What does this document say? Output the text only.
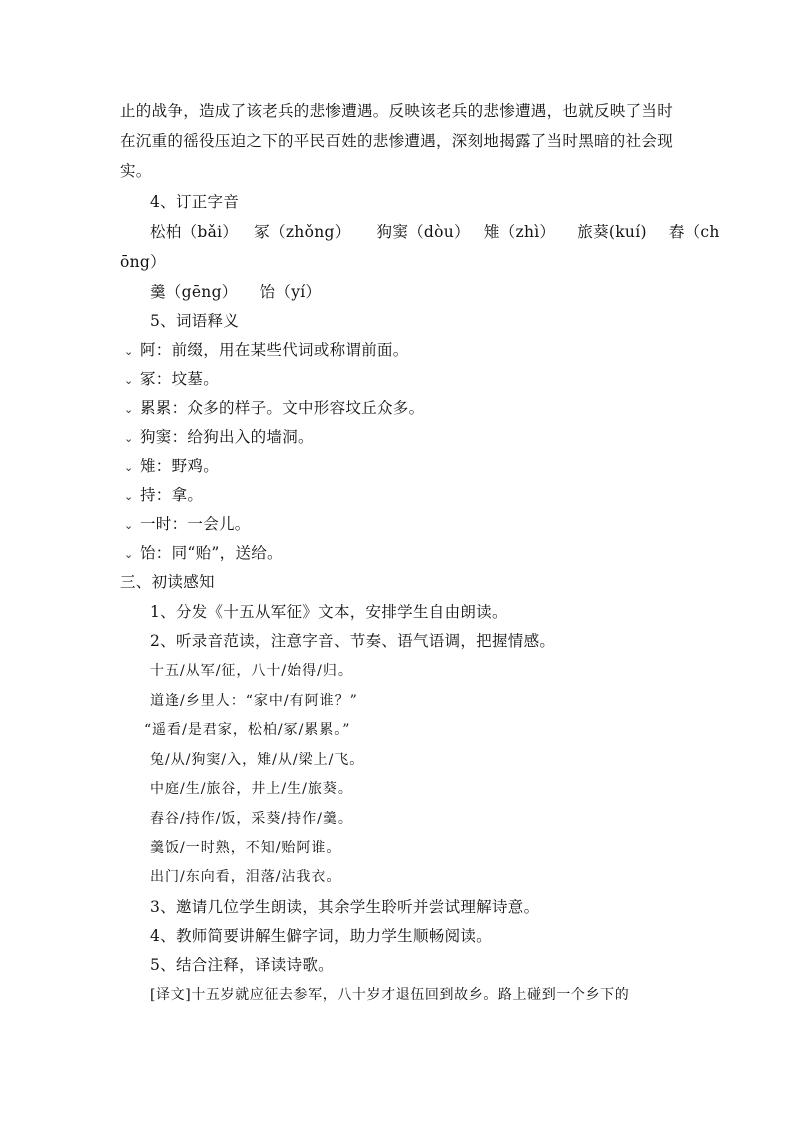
止的战争，造成了该老兵的悲惨遭遇。反映该老兵的悲惨遭遇，也就反映了当时
在沉重的徭役压迫之下的平民百姓的悲惨遭遇，深刻地揭露了当时黑暗的社会现
实。
4、订正字音
松柏（bǎi） 冢（zhǒng） 狗窦（dòu） 雉（zhì） 旅葵(kuí) 舂（ch
ōng）
羹（gēng） 饴（yí）
5、词语释义
⌄ 阿：前缀，用在某些代词或称谓前面。
⌄ 冢：坟墓。
⌄ 累累：众多的样子。文中形容坟丘众多。
⌄ 狗窦：给狗出入的墙洞。
⌄ 雉：野鸡。
⌄ 持：拿。
⌄ 一时：一会儿。
⌄ 饴：同“贻”，送给。
三、初读感知
1、分发《十五从军征》文本，安排学生自由朗读。
2、听录音范读，注意字音、节奏、语气语调，把握情感。
十五/从军/征，八十/始得/归。
道逢/乡里人：“家中/有阿谁？”
“遥看/是君家，松柏/冢/累累。”
兔/从/狗窦/入，雉/从/梁上/飞。
中庭/生/旅谷，井上/生/旅葵。
舂谷/持作/饭，采葵/持作/羹。
羹饭/一时熟，不知/贻阿谁。
出门/东向看，泪落/沾我衣。
3、邀请几位学生朗读，其余学生聆听并尝试理解诗意。
4、教师简要讲解生僻字词，助力学生顺畅阅读。
5、结合注释，译读诗歌。
[译文]十五岁就应征去参军，八十岁才退伍回到故乡。路上碰到一个乡下的
